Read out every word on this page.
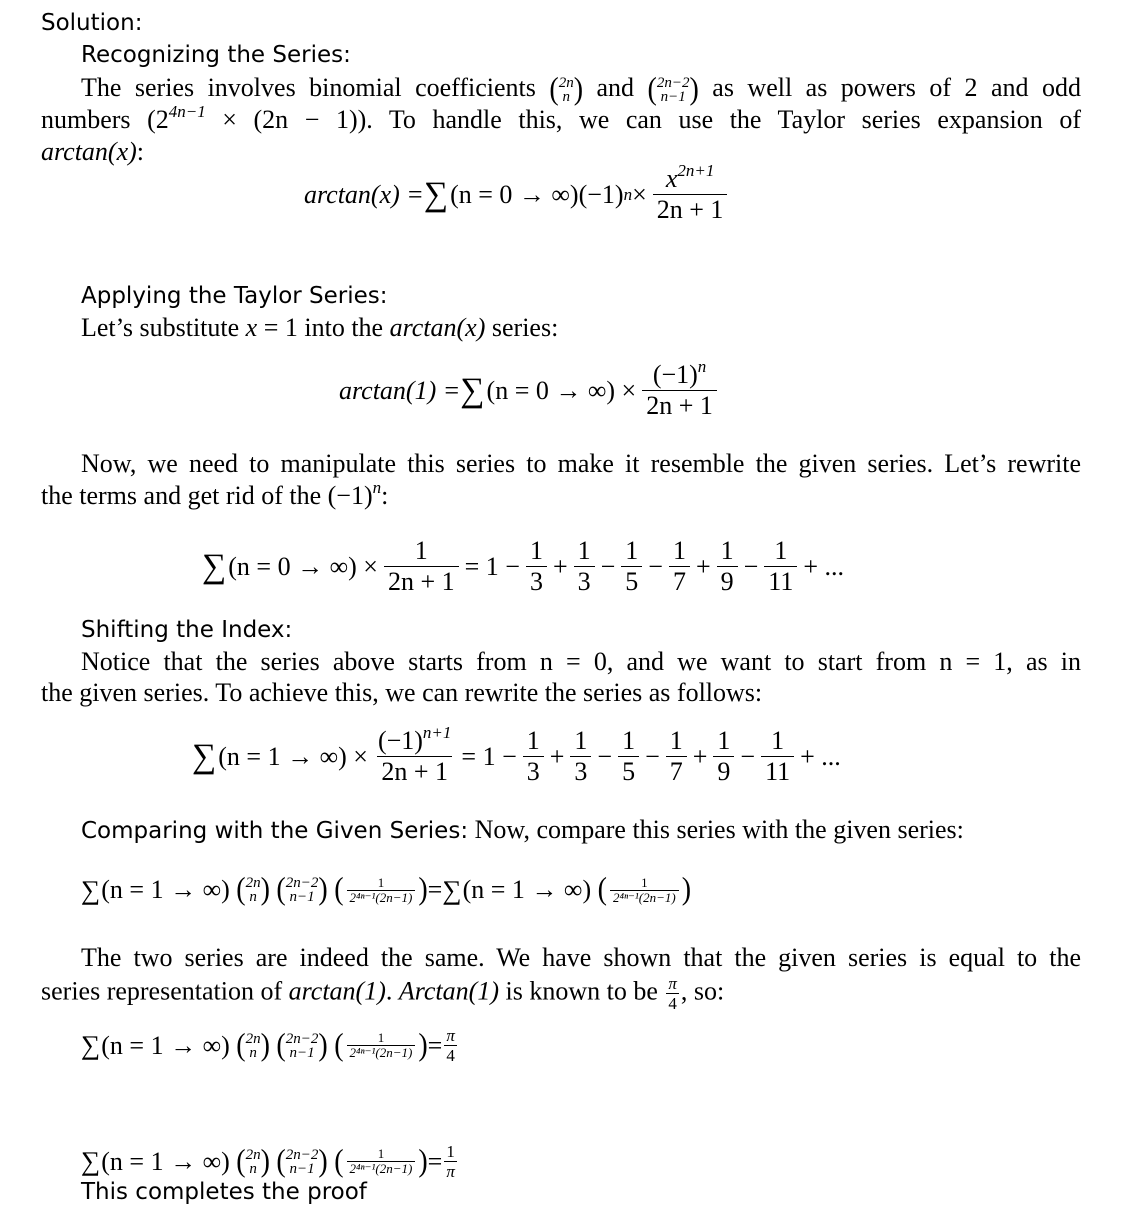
Solution:
Recognizing the Series:
The series involves binomial coefficients ( 2n
n ) and ( 2n−2
n−1 ) as well as powers of 2 and odd
numbers $(2^{4n-1} \times (2n - 1))$. To handle this, we can use the Taylor series expansion of
arctan(x):
arctan(x) = ∑ (n = 0 → ∞)(−1) $n \times \frac{x^{2n+1}}{2n + 1}$
Applying the Taylor Series:
Let’s substitute x = 1 into the arctan(x) series:
arctan(1) = ∑ (n = 0 → ∞) × $\frac{(-1)^n}{2n + 1}$
Now, we need to manipulate this series to make it resemble the given series. Let’s rewrite
the terms and get rid of the $(-1)^n$:
∑ (n = 0 → ∞) × $\frac{1}{2n + 1} = 1 - \frac{1}{3} + \frac{1}{3} - \frac{1}{5} - \frac{1}{7} + \frac{1}{9} - \frac{1}{11}$ + ...
Shifting the Index:
Notice that the series above starts from n = 0, and we want to start from n = 1, as in
the given series. To achieve this, we can rewrite the series as follows:
∑ (n = 1 → ∞) × $\frac{(-1)^{n+1}}{2n + 1} = 1 - \frac{1}{3} + \frac{1}{3} - \frac{1}{5} - \frac{1}{7} + \frac{1}{9} - \frac{1}{11}$ + ...
Comparing with the Given Series: Now, compare this series with the given series:
∑ (n = 1 → ∞)
( 2n
n )
( 2n−2
n−1 )
( $\frac{1}{\text{2⁴ⁿ⁻¹(2n−1)}}$ ) = ∑ (n = 1 → ∞)
( $\frac{1}{\text{2⁴ⁿ⁻¹(2n−1)}}$ )
The two series are indeed the same. We have shown that the given series is equal to the
series representation of arctan(1). Arctan(1) is known to be $\frac{\pi}{4}$ , so:
∑ (n = 1 → ∞)
( 2n
n )
( 2n−2
n−1 )
( $\frac{1}{\text{2⁴ⁿ⁻¹(2n−1)}}$ ) = $\frac{\pi}{4}$
∑ (n = 1 → ∞)
( 2n
n )
( 2n−2
n−1 )
( $\frac{1}{\text{2⁴ⁿ⁻¹(2n−1)}}$ ) = $\frac{1}{\pi}$
This completes the proof
